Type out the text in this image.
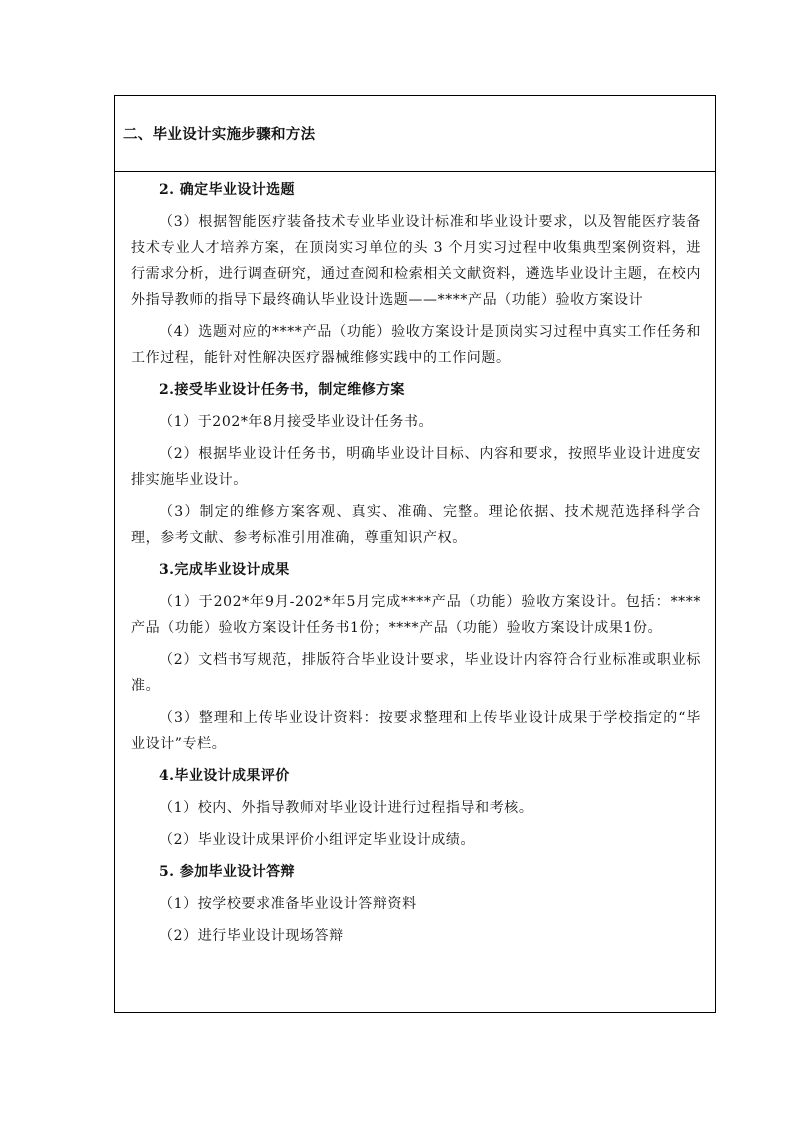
二、毕业设计实施步骤和方法
2. 确定毕业设计选题
（3）根据智能医疗装备技术专业毕业设计标准和毕业设计要求，以及智能医疗装备技术专业人才培养方案，在顶岗实习单位的头 3 个月实习过程中收集典型案例资料，进行需求分析，进行调查研究，通过查阅和检索相关文献资料，遴选毕业设计主题，在校内外指导教师的指导下最终确认毕业设计选题——****产品（功能）验收方案设计
（4）选题对应的****产品（功能）验收方案设计是顶岗实习过程中真实工作任务和工作过程，能针对性解决医疗器械维修实践中的工作问题。
2.接受毕业设计任务书，制定维修方案
（1）于202*年8月接受毕业设计任务书。
（2）根据毕业设计任务书，明确毕业设计目标、内容和要求，按照毕业设计进度安排实施毕业设计。
（3）制定的维修方案客观、真实、准确、完整。理论依据、技术规范选择科学合理，参考文献、参考标准引用准确，尊重知识产权。
3.完成毕业设计成果
（1）于202*年9月-202*年5月完成****产品（功能）验收方案设计。包括：****产品（功能）验收方案设计任务书1份；****产品（功能）验收方案设计成果1份。
（2）文档书写规范，排版符合毕业设计要求，毕业设计内容符合行业标准或职业标准。
（3）整理和上传毕业设计资料：按要求整理和上传毕业设计成果于学校指定的“毕业设计”专栏。
4.毕业设计成果评价
（1）校内、外指导教师对毕业设计进行过程指导和考核。
（2）毕业设计成果评价小组评定毕业设计成绩。
5. 参加毕业设计答辩
（1）按学校要求准备毕业设计答辩资料
（2）进行毕业设计现场答辩
